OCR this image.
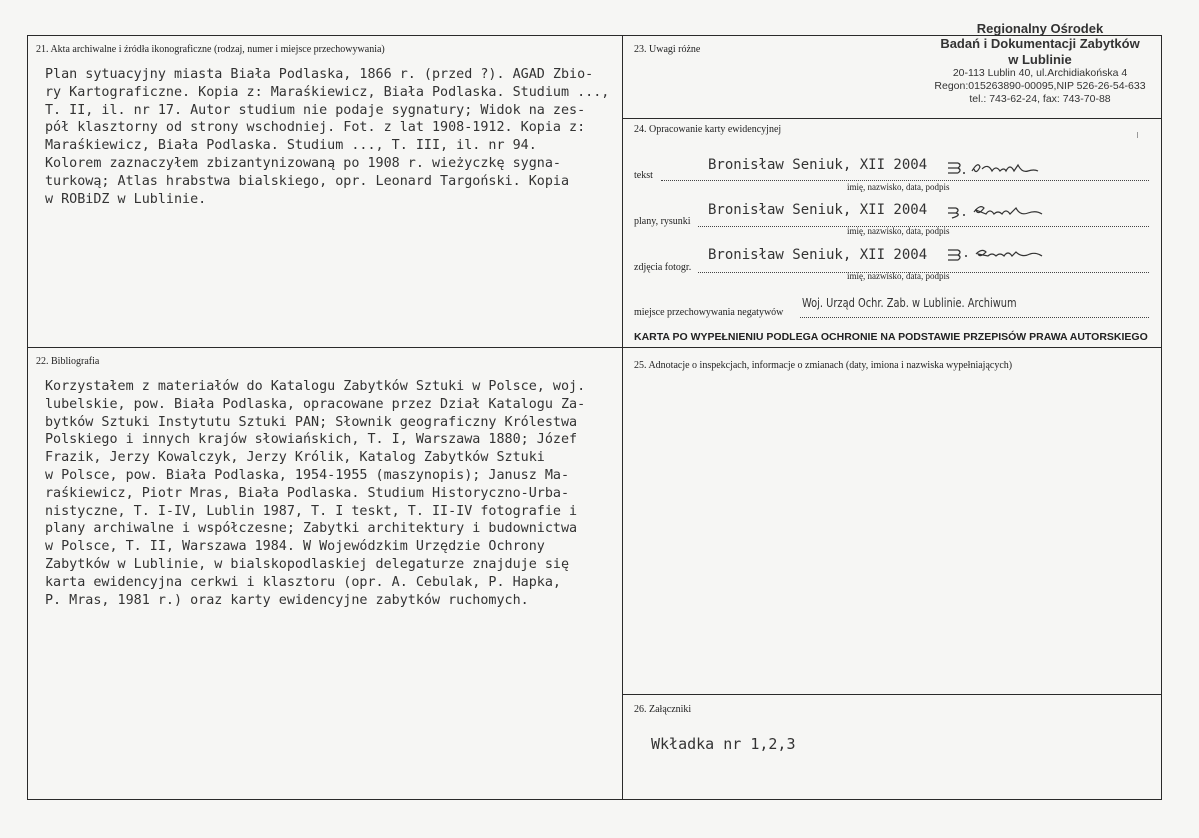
Regionalny Ośrodek
Badań i Dokumentacji Zabytków
w Lublinie
20-113 Lublin 40, ul.Archidiakońska 4
Regon:015263890-00095,NIP 526-26-54-633
tel.: 743-62-24, fax: 743-70-88
21. Akta archiwalne i źródła ikonograficzne (rodzaj, numer i miejsce przechowywania)
Plan sytuacyjny miasta Biała Podlaska, 1866 r. (przed ?). AGAD Zbio-
ry Kartograficzne. Kopia z: Maraśkiewicz, Biała Podlaska. Studium ...,
T. II, il. nr 17. Autor studium nie podaje sygnatury; Widok na zes-
pół klasztorny od strony wschodniej. Fot. z lat 1908-1912. Kopia z:
Maraśkiewicz, Biała Podlaska. Studium ..., T. III, il. nr 94.
Kolorem zaznaczyłem zbizantynizowaną po 1908 r. wieżyczkę sygna-
turkową; Atlas hrabstwa bialskiego, opr. Leonard Targoński. Kopia
w ROBiDZ w Lublinie.
22. Bibliografia
Korzystałem z materiałów do Katalogu Zabytków Sztuki w Polsce, woj.
lubelskie, pow. Biała Podlaska, opracowane przez Dział Katalogu Za-
bytków Sztuki Instytutu Sztuki PAN; Słownik geograficzny Królestwa
Polskiego i innych krajów słowiańskich, T. I, Warszawa 1880; Józef
Frazik, Jerzy Kowalczyk, Jerzy Królik, Katalog Zabytków Sztuki
w Polsce, pow. Biała Podlaska, 1954-1955 (maszynopis); Janusz Ma-
raśkiewicz, Piotr Mras, Biała Podlaska. Studium Historyczno-Urba-
nistyczne, T. I-IV, Lublin 1987, T. I teskt, T. II-IV fotografie i
plany archiwalne i współczesne; Zabytki architektury i budownictwa
w Polsce, T. II, Warszawa 1984. W Wojewódzkim Urzędzie Ochrony
Zabytków w Lublinie, w bialskopodlaskiej delegaturze znajduje się
karta ewidencyjna cerkwi i klasztoru (opr. A. Cebulak, P. Hapka,
P. Mras, 1981 r.) oraz karty ewidencyjne zabytków ruchomych.
23. Uwagi różne
24. Opracowanie karty ewidencyjnej
tekst
Bronisław Seniuk, XII 2004
imię, nazwisko, data, podpis
plany, rysunki
Bronisław Seniuk, XII 2004
imię, nazwisko, data, podpis
zdjęcia fotogr.
Bronisław Seniuk, XII 2004
imię, nazwisko, data, podpis
miejsce przechowywania negatywów
Woj. Urząd Ochr. Zab. w Lublinie. Archiwum
KARTA PO WYPEŁNIENIU PODLEGA OCHRONIE NA PODSTAWIE PRZEPISÓW PRAWA AUTORSKIEGO
25. Adnotacje o inspekcjach, informacje o zmianach (daty, imiona i nazwiska wypełniających)
26. Załączniki
Wkładka nr 1,2,3
